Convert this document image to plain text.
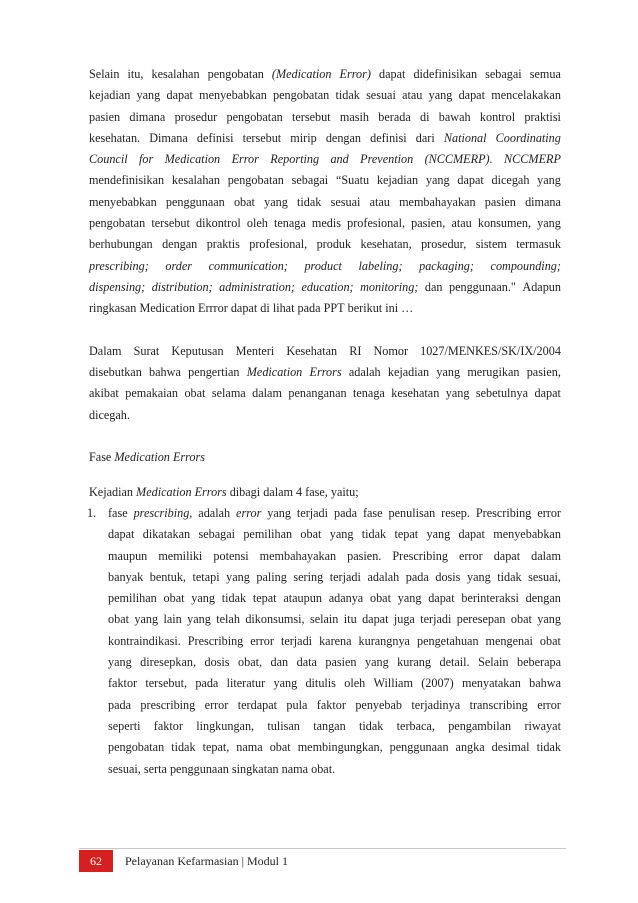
Selain itu, kesalahan pengobatan (Medication Error) dapat didefinisikan sebagai semua
kejadian yang dapat menyebabkan pengobatan tidak sesuai atau yang dapat mencelakakan
pasien dimana prosedur pengobatan tersebut masih berada di bawah kontrol praktisi
kesehatan. Dimana definisi tersebut mirip dengan definisi dari National Coordinating
Council for Medication Error Reporting and Prevention (NCCMERP). NCCMERP
mendefinisikan kesalahan pengobatan sebagai “Suatu kejadian yang dapat dicegah yang
menyebabkan penggunaan obat yang tidak sesuai atau membahayakan pasien dimana
pengobatan tersebut dikontrol oleh tenaga medis profesional, pasien, atau konsumen, yang
berhubungan dengan praktis profesional, produk kesehatan, prosedur, sistem termasuk
prescribing; order communication; product labeling; packaging; compounding;
dispensing; distribution; administration; education; monitoring; dan penggunaan." Adapun
ringkasan Medication Errror dapat di lihat pada PPT berikut ini …
Dalam Surat Keputusan Menteri Kesehatan RI Nomor 1027/MENKES/SK/IX/2004
disebutkan bahwa pengertian Medication Errors adalah kejadian yang merugikan pasien,
akibat pemakaian obat selama dalam penanganan tenaga kesehatan yang sebetulnya dapat
dicegah.
Fase Medication Errors
Kejadian Medication Errors dibagi dalam 4 fase, yaitu;
1. fase prescribing, adalah error yang terjadi pada fase penulisan resep. Prescribing error
dapat dikatakan sebagai pemilihan obat yang tidak tepat yang dapat menyebabkan
maupun memiliki potensi membahayakan pasien. Prescribing error dapat dalam
banyak bentuk, tetapi yang paling sering terjadi adalah pada dosis yang tidak sesuai,
pemilihan obat yang tidak tepat ataupun adanya obat yang dapat berinteraksi dengan
obat yang lain yang telah dikonsumsi, selain itu dapat juga terjadi peresepan obat yang
kontraindikasi. Prescribing error terjadi karena kurangnya pengetahuan mengenai obat
yang diresepkan, dosis obat, dan data pasien yang kurang detail. Selain beberapa
faktor tersebut, pada literatur yang ditulis oleh William (2007) menyatakan bahwa
pada prescribing error terdapat pula faktor penyebab terjadinya transcribing error
seperti faktor lingkungan, tulisan tangan tidak terbaca, pengambilan riwayat
pengobatan tidak tepat, nama obat membingungkan, penggunaan angka desimal tidak
sesuai, serta penggunaan singkatan nama obat.
62 Pelayanan Kefarmasian | Modul 1
